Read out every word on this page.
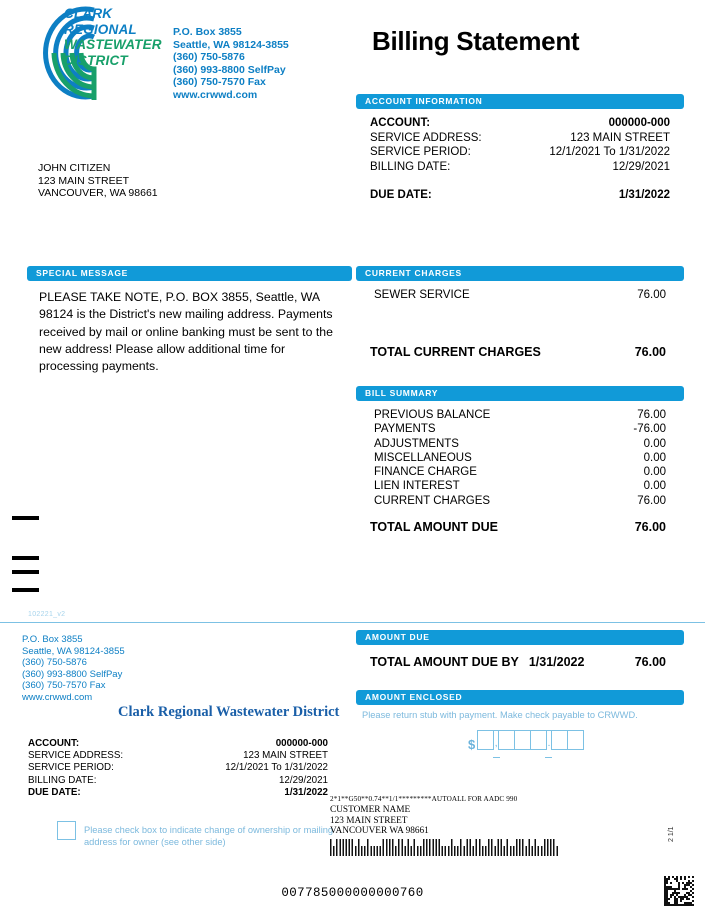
CLARK
REGIONAL
WASTEWATER
DISTRICT
P.O. Box 3855
Seattle, WA 98124-3855
(360) 750-5876
(360) 993-8800 SelfPay
(360) 750-7570 Fax
www.crwwd.com
Billing Statement
JOHN CITIZEN
123 MAIN STREET
VANCOUVER, WA 98661
ACCOUNT INFORMATION
ACCOUNT:	000000-000
SERVICE ADDRESS:	123 MAIN STREET
SERVICE PERIOD:	12/1/2021 To 1/31/2022
BILLING DATE:	12/29/2021
DUE DATE:	1/31/2022
SPECIAL MESSAGE
PLEASE TAKE NOTE, P.O. BOX 3855, Seattle, WA 98124 is the District's new mailing address. Payments received by mail or online banking must be sent to the new address! Please allow additional time for processing payments.
CURRENT CHARGES
SEWER SERVICE	76.00
TOTAL CURRENT CHARGES	76.00
BILL SUMMARY
PREVIOUS BALANCE	76.00
PAYMENTS	-76.00
ADJUSTMENTS	0.00
MISCELLANEOUS	0.00
FINANCE CHARGE	0.00
LIEN INTEREST	0.00
CURRENT CHARGES	76.00
TOTAL AMOUNT DUE	76.00
102221_v2
P.O. Box 3855
Seattle, WA 98124-3855
(360) 750-5876
(360) 993-8800 SelfPay
(360) 750-7570 Fax
www.crwwd.com
Clark Regional Wastewater District
ACCOUNT:	000000-000
SERVICE ADDRESS:	123 MAIN STREET
SERVICE PERIOD:	12/1/2021 To 1/31/2022
BILLING DATE:	12/29/2021
DUE DATE:	1/31/2022
Please check box to indicate change of ownership or mailing address for owner (see other side)
AMOUNT DUE
TOTAL AMOUNT DUE BY 1/31/2022	76.00
AMOUNT ENCLOSED
Please return stub with payment. Make check payable to CRWWD.
$ ,	.
2*1**G50**0.74**1/1*********AUTOALL FOR AADC 990
CUSTOMER NAME
123 MAIN STREET
VANCOUVER WA 98661	2 1/1
007785000000000760
